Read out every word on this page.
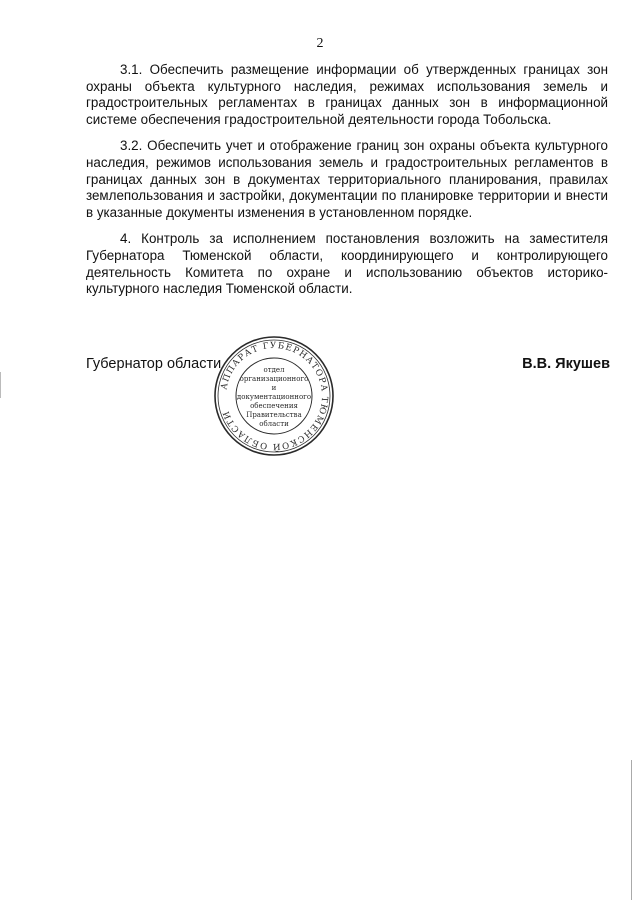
2

3.1. Обеспечить размещение информации об утвержденных границах зон охраны объекта культурного наследия, режимах использования земель и градостроительных регламентах в границах данных зон в информационной системе обеспечения градостроительной деятельности города Тобольска.

3.2. Обеспечить учет и отображение границ зон охраны объекта культурного наследия, режимов использования земель и градостроительных регламентов в границах данных зон в документах территориального планирования, правилах землепользования и застройки, документации по планировке территории и внести в указанные документы изменения в установленном порядке.

4. Контроль за исполнением постановления возложить на заместителя Губернатора Тюменской области, координирующего и контролирующего деятельность Комитета по охране и использованию объектов историко-культурного наследия Тюменской области.

Губернатор области	В.В. Якушев
АППАРАТ ГУБЕРНАТОРА ТЮМЕНСКОЙ ОБЛАСТИ
отдел
организационного
и
документационного
обеспечения
Правительства
области
